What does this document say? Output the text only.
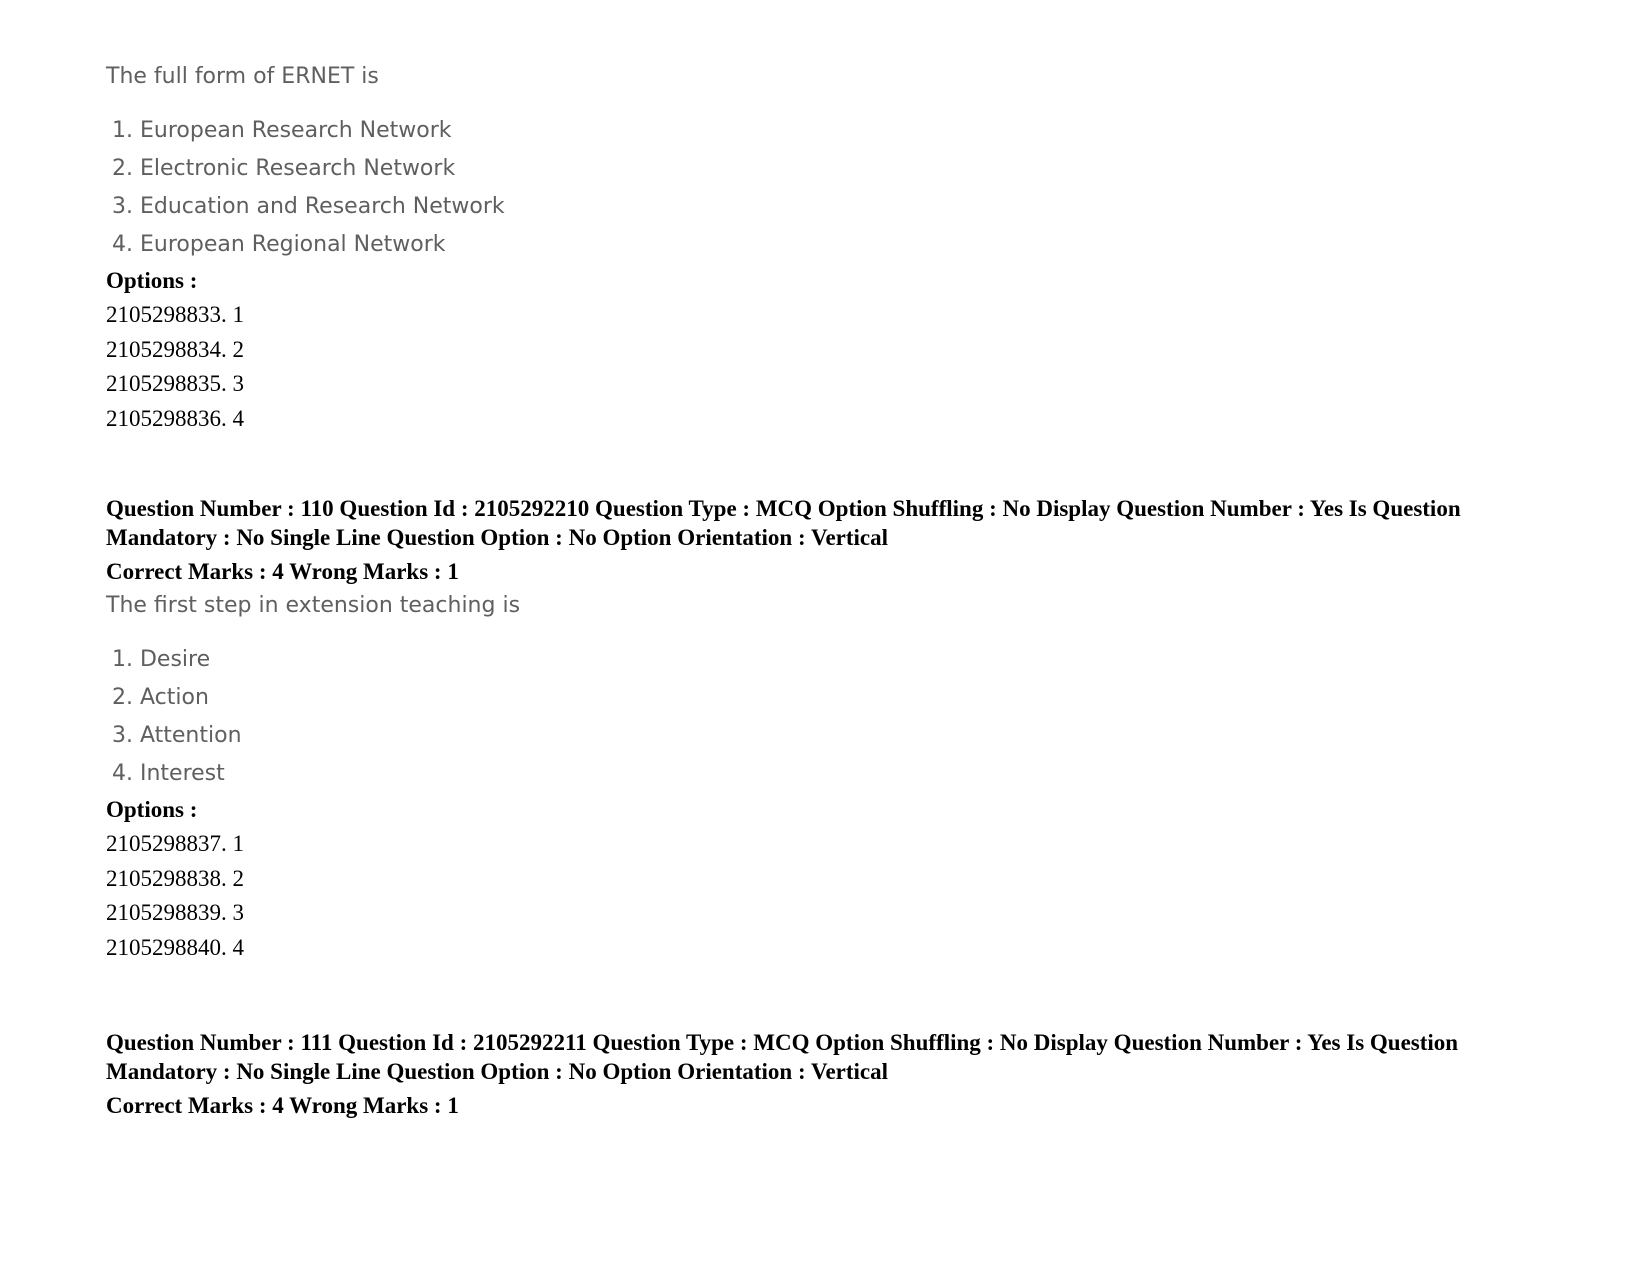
The full form of ERNET is
1. European Research Network
2. Electronic Research Network
3. Education and Research Network
4. European Regional Network
Options :
2105298833. 1
2105298834. 2
2105298835. 3
2105298836. 4
Question Number : 110 Question Id : 2105292210 Question Type : MCQ Option Shuffling : No Display Question Number : Yes Is Question Mandatory : No Single Line Question Option : No Option Orientation : Vertical
Correct Marks : 4 Wrong Marks : 1
The first step in extension teaching is
1. Desire
2. Action
3. Attention
4. Interest
Options :
2105298837. 1
2105298838. 2
2105298839. 3
2105298840. 4
Question Number : 111 Question Id : 2105292211 Question Type : MCQ Option Shuffling : No Display Question Number : Yes Is Question Mandatory : No Single Line Question Option : No Option Orientation : Vertical
Correct Marks : 4 Wrong Marks : 1
